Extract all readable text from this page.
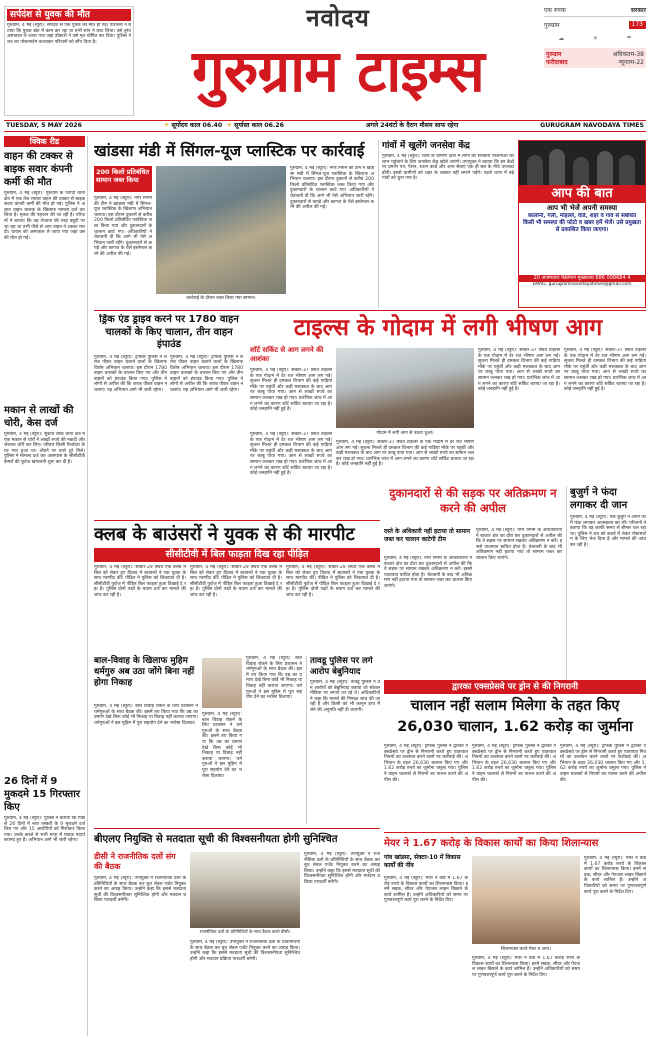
सर्पदंश से युवक की मौत
गुरुग्राम, 4 मई (ब्यूरो): सर्पदंश से एक युवक की मौत हो गई। परिजनों ने बताया कि युवक खेत में काम कर रहा था तभी सांप ने काट लिया। उसे तुरंत अस्पताल ले जाया गया जहां डॉक्टरों ने उसे मृत घोषित कर दिया। पुलिस ने शव का पोस्टमार्टम करवाकर परिजनों को सौंप दिया है।
नवोदय
गुरुग्राम टाइम्स
एक रुपया	सरकार
गुरुग्राम	173
☁	☀	☂
गुरुग्राम	अधिकतम-38
फरीदाबाद	न्यूनतम-22
TUESDAY, 5 MAY 2026	☀ सूर्योदय काल 06.40 ☀ सूर्यास्त काल 06.26	अगले 24घंटों के दैरान मौसम साफ रहेगा	GURUGRAM NAVODAYA TIMES
क्विक रीड
वाहन की टक्कर से बाइक सवार कंपनी कर्मी की मौत
गुरुग्राम, 4 मई (ब्यूरो): गुरुग्राम के पटौदी थाना क्षेत्र में एक तेज रफ्तार वाहन की टक्कर से बाइक सवार कंपनी कर्मी की मौत हो गई। पुलिस ने अज्ञात वाहन चालक के खिलाफ मामला दर्ज कर लिया है। मृतक की पहचान की जा रही है। परिजनों ने बताया कि वह रोजाना की तरह ड्यूटी पर जा रहा था तभी पीछे से आए वाहन ने टक्कर मार दी। घायल को अस्पताल ले जाया गया जहां उसकी मौत हो गई।
मकान से लाखों की चोरी, केस दर्ज
गुरुग्राम, 4 मई (ब्यूरो): सुशांत लोक थाना क्षेत्र में एक मकान से चोरों ने लाखों रुपये की नकदी और जेवरात चोरी कर लिए। परिवार किसी रिश्तेदार के घर गया हुआ था। लौटने पर ताले टूटे मिले। पुलिस ने मामला दर्ज कर आसपास के सीसीटीवी कैमरों की फुटेज खंगालनी शुरू कर दी है।
26 दिनों में 9 मुकदमे 15 गिरफ्तार किए
गुरुग्राम, 4 मई (ब्यूरो): पुलिस ने बताया कि पिछले 26 दिनों में नशा तस्करी के 9 मुकदमे दर्ज किए गए और 15 आरोपियों को गिरफ्तार किया गया। उनके कब्जे से भारी मात्रा में मादक पदार्थ बरामद हुए हैं। अभियान आगे भी जारी रहेगा।
खांडसा मंडी में सिंगल-यूज प्लास्टिक पर कार्रवाई
200 किलो प्रतिबंधित सामान जब्त किया
गुरुग्राम, 4 मई (ब्यूरो): नगर निगम की टीम ने खांडसा मंडी में सिंगल-यूज प्लास्टिक के खिलाफ अभियान चलाया। इस दौरान दुकानों से करीब 200 किलो प्रतिबंधित प्लास्टिक जब्त किया गया और दुकानदारों के चालान काटे गए। अधिकारियों ने चेतावनी दी कि आगे भी ऐसे अभियान जारी रहेंगे। दुकानदारों से कपड़े और कागज के थैले इस्तेमाल करने की अपील की गई।
कार्रवाई के दौरान जब्त किया गया सामान।
गुरुग्राम, 4 मई (ब्यूरो): नगर निगम की टीम ने खांडसा मंडी में सिंगल-यूज प्लास्टिक के खिलाफ अभियान चलाया। इस दौरान दुकानों से करीब 200 किलो प्रतिबंधित प्लास्टिक जब्त किया गया और दुकानदारों के चालान काटे गए। अधिकारियों ने चेतावनी दी कि आगे भी ऐसे अभियान जारी रहेंगे। दुकानदारों से कपड़े और कागज के थैले इस्तेमाल करने की अपील की गई।
गांवों में खुलेंगे जनसेवा केंद्र
गुरुग्राम, 4 मई (ब्यूरो): जिले के ग्रामीण क्षेत्रों में लोगों को सरकारी योजनाओं का लाभ पहुंचाने के लिए जनसेवा केंद्र खोले जाएंगे। उपायुक्त ने बताया कि इन केंद्रों पर प्रमाण पत्र, पेंशन, राशन कार्ड और अन्य सेवाएं एक ही छत के नीचे उपलब्ध होंगी। इससे ग्रामीणों को शहर के चक्कर नहीं लगाने पड़ेंगे। पहले चरण में बड़े गांवों को चुना गया है।
आप की बात
आप भी भेजें अपनी समस्या
कालोनी, गली, मोहल्ले, वार्ड, शहर व गांव से संबंधित किसी भी समस्या की फोटो व खबर हमें भेजें। उसे प्रमुखता से प्रकाशित किया जाएगा।
20 अजमतारा फैलिशन मुख्यालय 886 008684 4
EMAIL: gurugramnavodayatimes@gmail.com
ड्रिंक एंड ड्राइव करने पर 1780 वाहन चालकों के किए चालान, तीन वाहन इंपाउंड
गुरुग्राम, 4 मई (ब्यूरो): ट्रैफिक पुलिस ने शराब पीकर वाहन चलाने वालों के खिलाफ विशेष अभियान चलाया। इस दौरान 1780 वाहन चालकों के चालान किए गए और तीन वाहनों को इंपाउंड किया गया। पुलिस ने लोगों से अपील की कि शराब पीकर वाहन न चलाएं। यह अभियान आगे भी जारी रहेगा।
गुरुग्राम, 4 मई (ब्यूरो): ट्रैफिक पुलिस ने शराब पीकर वाहन चलाने वालों के खिलाफ विशेष अभियान चलाया। इस दौरान 1780 वाहन चालकों के चालान किए गए और तीन वाहनों को इंपाउंड किया गया। पुलिस ने लोगों से अपील की कि शराब पीकर वाहन न चलाएं। यह अभियान आगे भी जारी रहेगा।
टाइल्स के गोदाम में लगी भीषण आग
शॉर्ट सर्किट से आग लगने की आशंका
गुरुग्राम, 4 मई (ब्यूरो): सेक्टर-37 स्थित टाइल्स के एक गोदाम में देर रात भीषण आग लग गई। सूचना मिलते ही दमकल विभाग की कई गाड़ियां मौके पर पहुंचीं और कड़ी मशक्कत के बाद आग पर काबू पाया गया। आग से लाखों रुपये का सामान जलकर राख हो गया। प्रारंभिक जांच में आग लगने का कारण शॉर्ट सर्किट बताया जा रहा है। कोई जनहानि नहीं हुई है।
गोदाम में लगी आग से उठता धुआं।
गुरुग्राम, 4 मई (ब्यूरो): सेक्टर-37 स्थित टाइल्स के एक गोदाम में देर रात भीषण आग लग गई। सूचना मिलते ही दमकल विभाग की कई गाड़ियां मौके पर पहुंचीं और कड़ी मशक्कत के बाद आग पर काबू पाया गया। आग से लाखों रुपये का सामान जलकर राख हो गया। प्रारंभिक जांच में आग लगने का कारण शॉर्ट सर्किट बताया जा रहा है। कोई जनहानि नहीं हुई है।
गुरुग्राम, 4 मई (ब्यूरो): सेक्टर-37 स्थित टाइल्स के एक गोदाम में देर रात भीषण आग लग गई। सूचना मिलते ही दमकल विभाग की कई गाड़ियां मौके पर पहुंचीं और कड़ी मशक्कत के बाद आग पर काबू पाया गया। आग से लाखों रुपये का सामान जलकर राख हो गया। प्रारंभिक जांच में आग लगने का कारण शॉर्ट सर्किट बताया जा रहा है। कोई जनहानि नहीं हुई है।
गुरुग्राम, 4 मई (ब्यूरो): सेक्टर-37 स्थित टाइल्स के एक गोदाम में देर रात भीषण आग लग गई। सूचना मिलते ही दमकल विभाग की कई गाड़ियां मौके पर पहुंचीं और कड़ी मशक्कत के बाद आग पर काबू पाया गया। आग से लाखों रुपये का सामान जलकर राख हो गया। प्रारंभिक जांच में आग लगने का कारण शॉर्ट सर्किट बताया जा रहा है। कोई जनहानि नहीं हुई है।
गुरुग्राम, 4 मई (ब्यूरो): सेक्टर-37 स्थित टाइल्स के एक गोदाम में देर रात भीषण आग लग गई। सूचना मिलते ही दमकल विभाग की कई गाड़ियां मौके पर पहुंचीं और कड़ी मशक्कत के बाद आग पर काबू पाया गया। आग से लाखों रुपये का सामान जलकर राख हो गया। प्रारंभिक जांच में आग लगने का कारण शॉर्ट सर्किट बताया जा रहा है। कोई जनहानि नहीं हुई है।
दुकानदारों से की सड़क पर अतिक्रमण न करने की अपील
दस्ते के अधिकारी नहीं हटाया तो सामान जब्त कर चालान काटेगी टीम
गुरुग्राम, 4 मई (ब्यूरो): नगर निगम के अधिकारियों ने बाजार क्षेत्र का दौरा कर दुकानदारों से अपील की कि वे सड़क पर सामान रखकर अतिक्रमण न करें। इससे यातायात बाधित होता है। चेतावनी के बाद भी अतिक्रमण नहीं हटाया गया तो सामान जब्त कर चालान किए जाएंगे।
गुरुग्राम, 4 मई (ब्यूरो): नगर निगम के अधिकारियों ने बाजार क्षेत्र का दौरा कर दुकानदारों से अपील की कि वे सड़क पर सामान रखकर अतिक्रमण न करें। इससे यातायात बाधित होता है। चेतावनी के बाद भी अतिक्रमण नहीं हटाया गया तो सामान जब्त कर चालान किए जाएंगे।
बुजुर्ग ने फंदा लगाकर दी जान
गुरुग्राम, 4 मई (ब्यूरो): एक बुजुर्ग ने अपने घर में फंदा लगाकर आत्महत्या कर ली। परिजनों ने बताया कि वह काफी समय से बीमार चल रहा था। पुलिस ने शव को कब्जे में लेकर पोस्टमार्टम के लिए भेज दिया है और मामले की जांच कर रही है।
क्लब के बाउंसरों ने युवक से की मारपीट
सीसीटीवी में बिल फाड़ता दिख रहा पीड़ित
गुरुग्राम, 4 मई (ब्यूरो): सेक्टर-29 स्थित एक क्लब में बिल को लेकर हुए विवाद में बाउंसरों ने एक युवक के साथ मारपीट की। पीड़ित ने पुलिस को शिकायत दी है। सीसीटीवी फुटेज में पीड़ित बिल फाड़ता हुआ दिखाई दे रहा है। पुलिस दोनों पक्षों के बयान दर्ज कर मामले की जांच कर रही है।
गुरुग्राम, 4 मई (ब्यूरो): सेक्टर-29 स्थित एक क्लब में बिल को लेकर हुए विवाद में बाउंसरों ने एक युवक के साथ मारपीट की। पीड़ित ने पुलिस को शिकायत दी है। सीसीटीवी फुटेज में पीड़ित बिल फाड़ता हुआ दिखाई दे रहा है। पुलिस दोनों पक्षों के बयान दर्ज कर मामले की जांच कर रही है।
गुरुग्राम, 4 मई (ब्यूरो): सेक्टर-29 स्थित एक क्लब में बिल को लेकर हुए विवाद में बाउंसरों ने एक युवक के साथ मारपीट की। पीड़ित ने पुलिस को शिकायत दी है। सीसीटीवी फुटेज में पीड़ित बिल फाड़ता हुआ दिखाई दे रहा है। पुलिस दोनों पक्षों के बयान दर्ज कर मामले की जांच कर रही है।
बाल-विवाह के खिलाफ मुहिम धर्मगुरु अब उठा जोंगे बिना नहीं होगा निकाह
गुरुग्राम, 4 मई (ब्यूरो): बाल विवाह रोकने के लिए प्रशासन ने धर्मगुरुओं के साथ बैठक की। इसमें तय किया गया कि उम्र का प्रमाण देखे बिना कोई भी निकाह या विवाह नहीं कराया जाएगा। धर्मगुरुओं ने इस मुहिम में पूरा सहयोग देने का भरोसा दिलाया।
गुरुग्राम, 4 मई (ब्यूरो): बाल विवाह रोकने के लिए प्रशासन ने धर्मगुरुओं के साथ बैठक की। इसमें तय किया गया कि उम्र का प्रमाण देखे बिना कोई भी निकाह या विवाह नहीं कराया जाएगा। धर्मगुरुओं ने इस मुहिम में पूरा सहयोग देने का भरोसा दिलाया।
गुरुग्राम, 4 मई (ब्यूरो): बाल विवाह रोकने के लिए प्रशासन ने धर्मगुरुओं के साथ बैठक की। इसमें तय किया गया कि उम्र का प्रमाण देखे बिना कोई भी निकाह या विवाह नहीं कराया जाएगा। धर्मगुरुओं ने इस मुहिम में पूरा सहयोग देने का भरोसा दिलाया।
तावडू पुलिस पर लगे आरोप बेबुनियाद
गुरुग्राम, 4 मई (ब्यूरो): तावडू पुलिस ने उन आरोपों को बेबुनियाद बताया जो सोशल मीडिया पर लगाए जा रहे थे। अधिकारियों ने कहा कि मामले की निष्पक्ष जांच की जा रही है और किसी को भी कानून हाथ में लेने की अनुमति नहीं दी जाएगी।
द्वारका एक्सप्रेसवे पर ड्रोन से की निगरानी
चालान नहीं सलाम मिलेगा के तहत किए 26,030 चालान, 1.62 करोड़ का जुर्माना
गुरुग्राम, 4 मई (ब्यूरो): ट्रैफिक पुलिस ने द्वारका एक्सप्रेसवे पर ड्रोन से निगरानी करते हुए यातायात नियमों का उल्लंघन करने वालों पर कार्रवाई की। अभियान के तहत 26,030 चालान किए गए और 1.62 करोड़ रुपये का जुर्माना वसूला गया। पुलिस ने वाहन चालकों से नियमों का पालन करने की अपील की।
गुरुग्राम, 4 मई (ब्यूरो): ट्रैफिक पुलिस ने द्वारका एक्सप्रेसवे पर ड्रोन से निगरानी करते हुए यातायात नियमों का उल्लंघन करने वालों पर कार्रवाई की। अभियान के तहत 26,030 चालान किए गए और 1.62 करोड़ रुपये का जुर्माना वसूला गया। पुलिस ने वाहन चालकों से नियमों का पालन करने की अपील की।
गुरुग्राम, 4 मई (ब्यूरो): ट्रैफिक पुलिस ने द्वारका एक्सप्रेसवे पर ड्रोन से निगरानी करते हुए यातायात नियमों का उल्लंघन करने वालों पर कार्रवाई की। अभियान के तहत 26,030 चालान किए गए और 1.62 करोड़ रुपये का जुर्माना वसूला गया। पुलिस ने वाहन चालकों से नियमों का पालन करने की अपील की।
बीएलए नियुक्ति से मतदाता सूची की विश्वसनीयता होगी सुनिश्चित
डीसी ने राजनीतिक दलों संग की बैठक
गुरुग्राम, 4 मई (ब्यूरो): उपायुक्त ने राजनीतिक दलों के प्रतिनिधियों के साथ बैठक कर बूथ लेवल एजेंट नियुक्त करने का आग्रह किया। उन्होंने कहा कि इससे मतदाता सूची की विश्वसनीयता सुनिश्चित होगी और मतदान प्रक्रिया पारदर्शी बनेगी।
राजनीतिक दलों के प्रतिनिधियों के साथ बैठक करते डीसी।
गुरुग्राम, 4 मई (ब्यूरो): उपायुक्त ने राजनीतिक दलों के प्रतिनिधियों के साथ बैठक कर बूथ लेवल एजेंट नियुक्त करने का आग्रह किया। उन्होंने कहा कि इससे मतदाता सूची की विश्वसनीयता सुनिश्चित होगी और मतदान प्रक्रिया पारदर्शी बनेगी।
गुरुग्राम, 4 मई (ब्यूरो): उपायुक्त ने राजनीतिक दलों के प्रतिनिधियों के साथ बैठक कर बूथ लेवल एजेंट नियुक्त करने का आग्रह किया। उन्होंने कहा कि इससे मतदाता सूची की विश्वसनीयता सुनिश्चित होगी और मतदान प्रक्रिया पारदर्शी बनेगी।
मेयर ने 1.67 करोड़ के विकास कार्यों का किया शिलान्यास
गांव खांडसा, सेक्टर-10 में विकास कार्यों की नींव
गुरुग्राम, 4 मई (ब्यूरो): मेयर ने वार्ड में 1.67 करोड़ रुपये के विकास कार्यों का शिलान्यास किया। इनमें सड़क, सीवर और पेयजल लाइन बिछाने के कार्य शामिल हैं। उन्होंने अधिकारियों को समय पर गुणवत्तापूर्ण कार्य पूरा करने के निर्देश दिए।
शिलान्यास करते मेयर व अन्य।
गुरुग्राम, 4 मई (ब्यूरो): मेयर ने वार्ड में 1.67 करोड़ रुपये के विकास कार्यों का शिलान्यास किया। इनमें सड़क, सीवर और पेयजल लाइन बिछाने के कार्य शामिल हैं। उन्होंने अधिकारियों को समय पर गुणवत्तापूर्ण कार्य पूरा करने के निर्देश दिए।
गुरुग्राम, 4 मई (ब्यूरो): मेयर ने वार्ड में 1.67 करोड़ रुपये के विकास कार्यों का शिलान्यास किया। इनमें सड़क, सीवर और पेयजल लाइन बिछाने के कार्य शामिल हैं। उन्होंने अधिकारियों को समय पर गुणवत्तापूर्ण कार्य पूरा करने के निर्देश दिए।
